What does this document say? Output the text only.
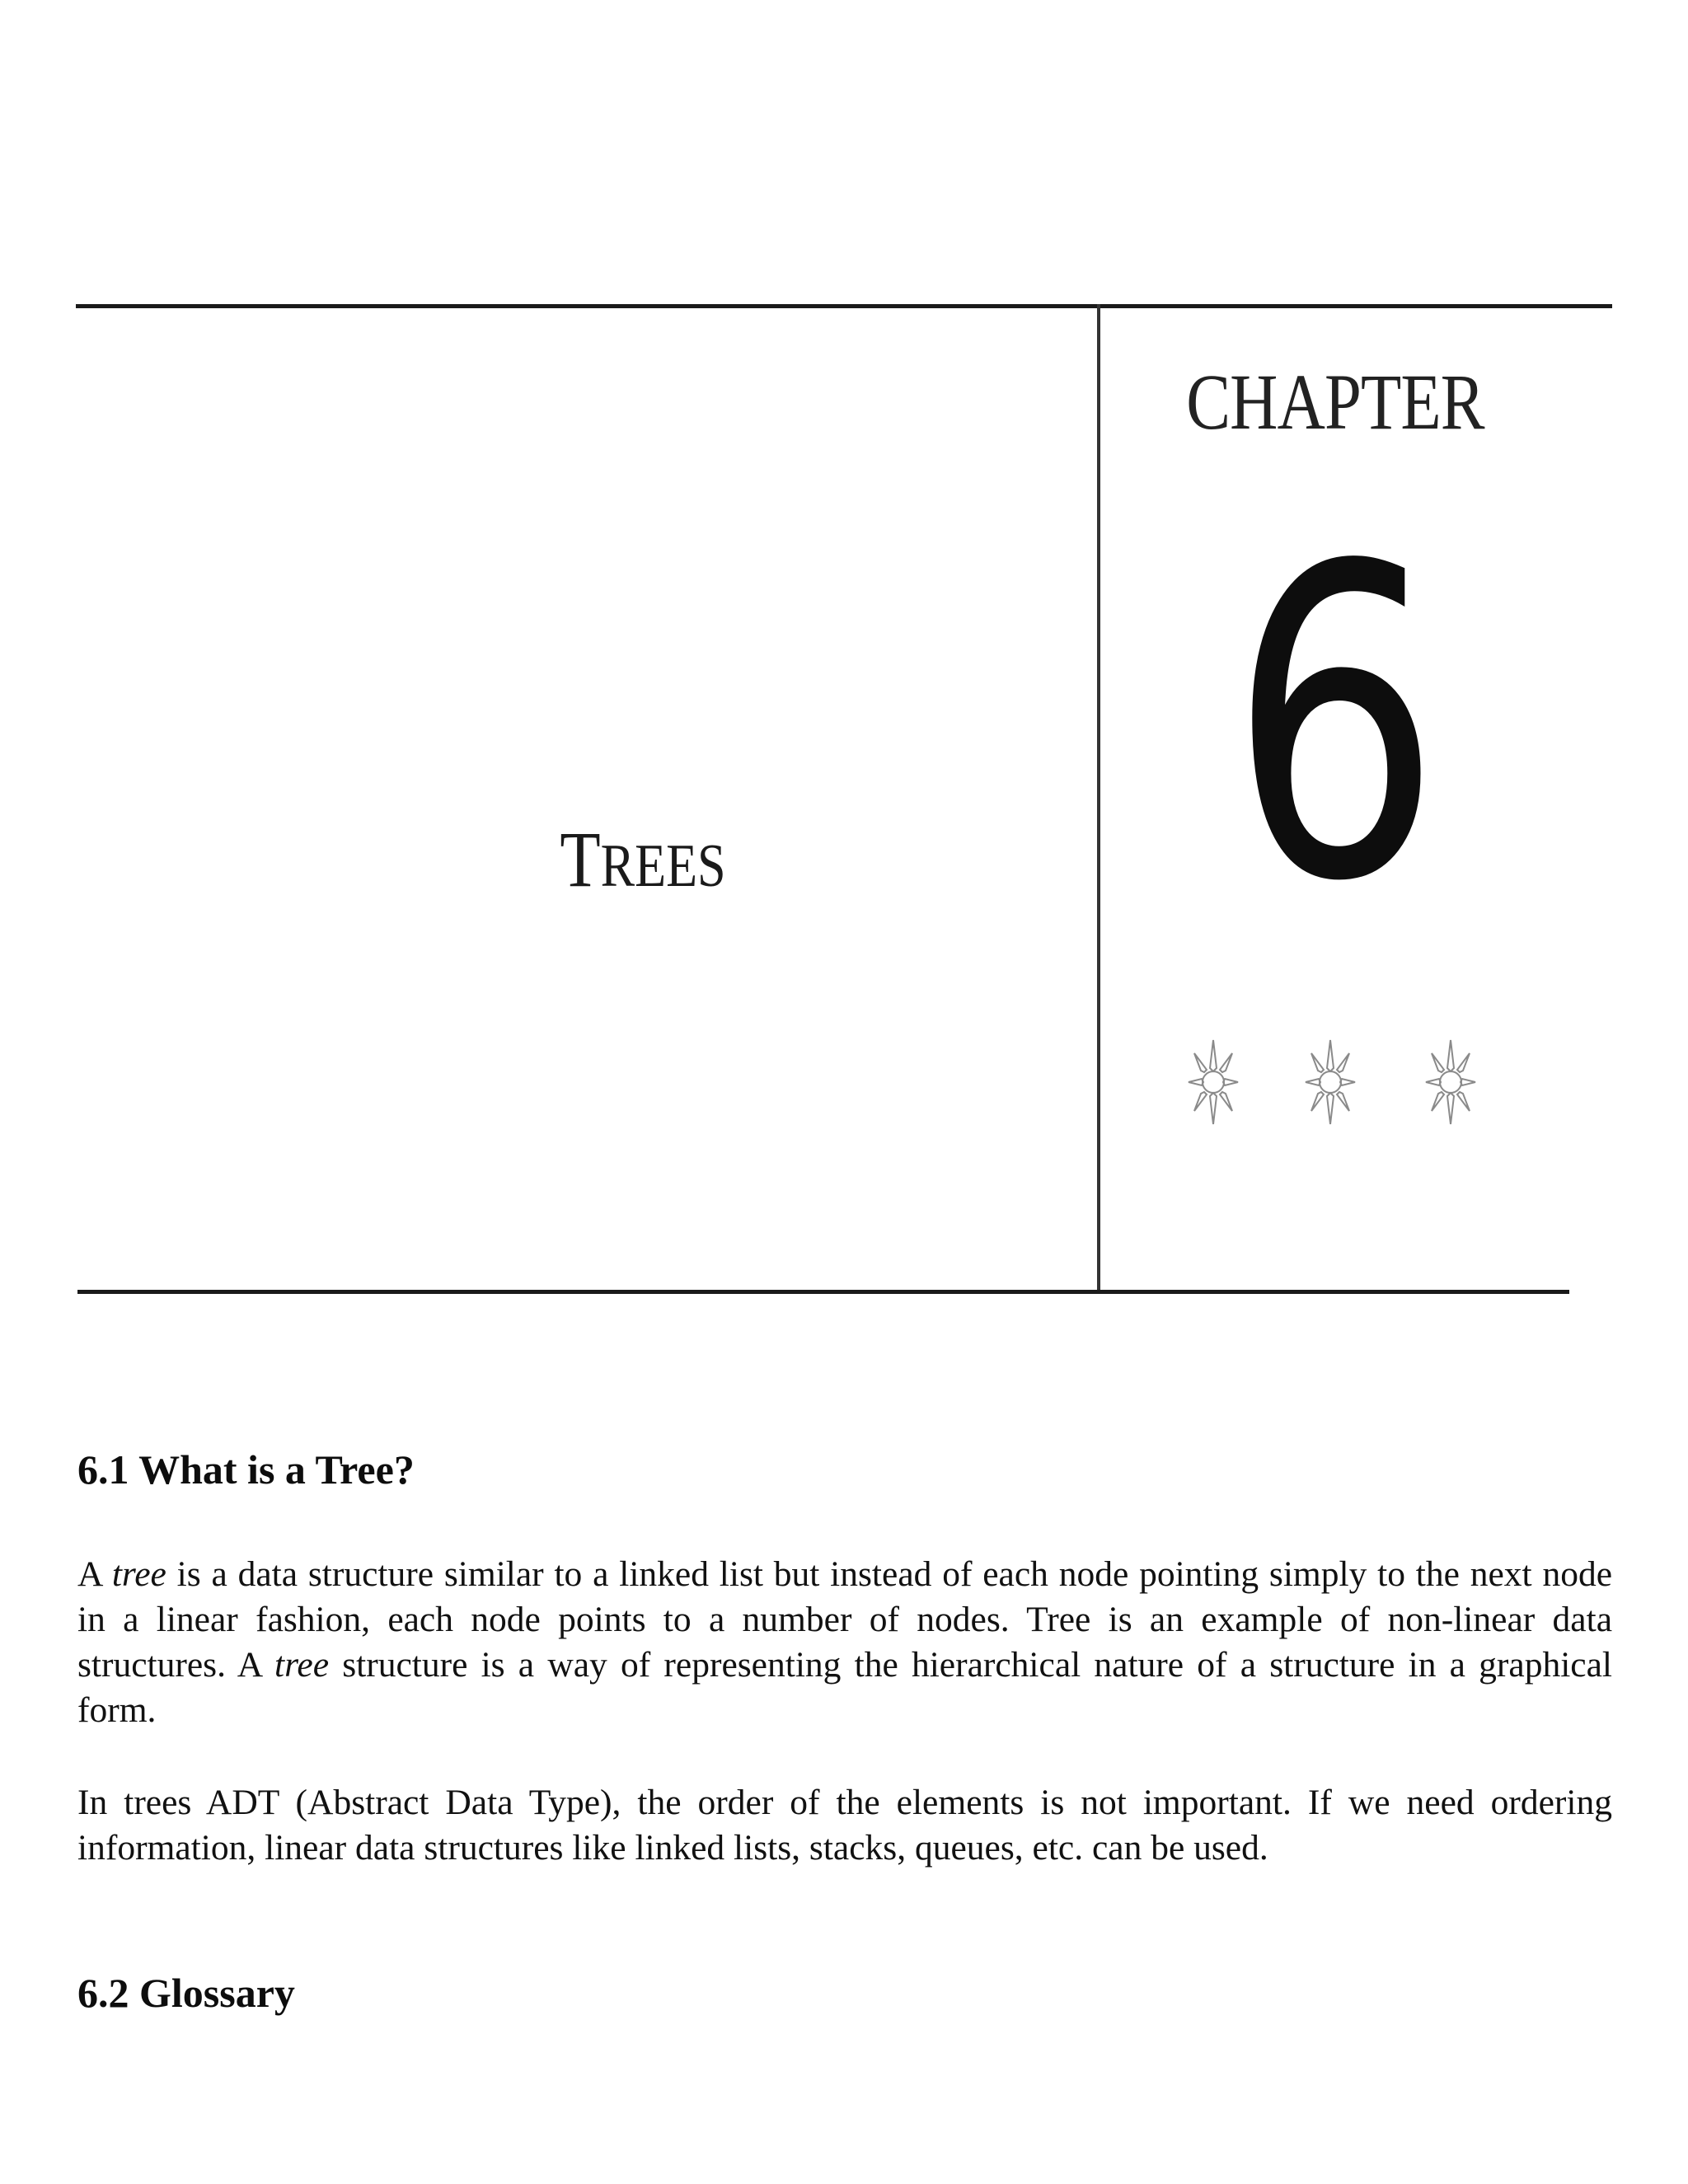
TREES
CHAPTER
6
6.1 What is a Tree?

A tree is a data structure similar to a linked list but instead of each node pointing simply to the next node in a linear fashion, each node points to a number of nodes. Tree is an example of non-linear data structures. A tree structure is a way of representing the hierarchical nature of a structure in a graphical form.

In trees ADT (Abstract Data Type), the order of the elements is not important. If we need ordering information, linear data structures like linked lists, stacks, queues, etc. can be used.

6.2 Glossary
